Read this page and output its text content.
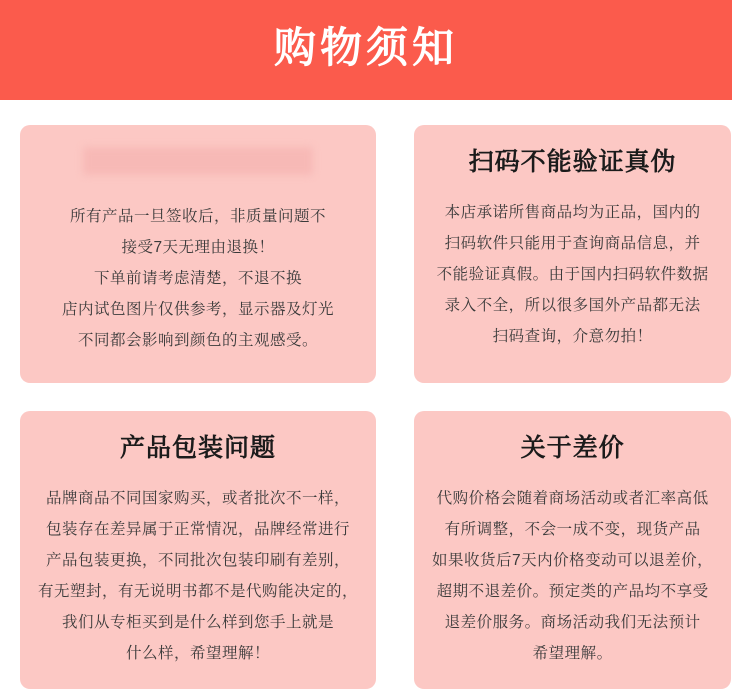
购物须知
所有产品一旦签收后，非质量问题不
接受7天无理由退换！
下单前请考虑清楚，不退不换
店内试色图片仅供参考，显示器及灯光
不同都会影响到颜色的主观感受。
扫码不能验证真伪
本店承诺所售商品均为正品，国内的
扫码软件只能用于查询商品信息，并
不能验证真假。由于国内扫码软件数据
录入不全，所以很多国外产品都无法
扫码查询，介意勿拍！
产品包装问题
品牌商品不同国家购买，或者批次不一样，
包装存在差异属于正常情况，品牌经常进行
产品包装更换，不同批次包装印刷有差别，
有无塑封，有无说明书都不是代购能决定的，
我们从专柜买到是什么样到您手上就是
什么样，希望理解！
关于差价
代购价格会随着商场活动或者汇率高低
有所调整，不会一成不变，现货产品
如果收货后7天内价格变动可以退差价，
超期不退差价。预定类的产品均不享受
退差价服务。商场活动我们无法预计
希望理解。
